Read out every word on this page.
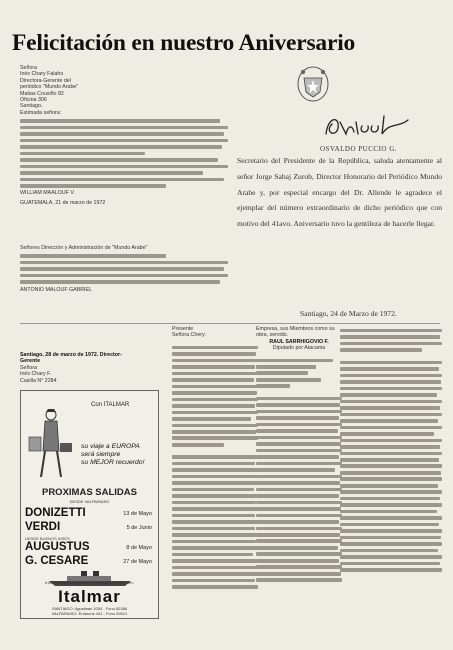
Felicitación en nuestro Aniversario
Señora
Inés Chary Falaho
Directora-Gerente del
periódico "Mundo Arabe"
Matias Cousiño 82
Oficina 306
Santiago.
Estimada señora:
WILLIAM MAALOUF V.
GUATEMALA, 21 de marzo de 1972
Señores Dirección y Administración de "Mundo Arabe"
ANTONIO MALOUF GABRIEL
OSVALDO PUCCIO G.
Secretario del Presidente de la República, saluda atentamente al señor Jorge Sabaj Zurob, Director Honorario del Periódico Mundo Arabe y, por especial encargo del Dr. Allende le agradece el ejemplar del número extraordinario de dicho periódico que con motivo del 41avo. Aniversario tuvo la gentileza de hacerle llegar.
Santiago, 24 de Marzo de 1972.
Santiago, 28 de marzo de 1972. Director-Gerente
Señora
Inés Chary F.
Casilla N° 2284
Con ITALMAR
su viaje a EUROPA
será siempre
su MEJOR recuerdo!
PROXIMAS SALIDAS
DESDE VALPARAISO
DONIZETTI	13 de Mayo
VERDI	5 de Junio
DESDE BUENOS AIRES
AUGUSTUS	8 de Mayo
G. CESARE	27 de Mayo
Italmar
Infórmese en su Agencia de Viajes preferida o en:
SANTIAGO: Agustinas 1054 - Fono 82386
VALPARAISO: Errázuriz 441 - Fono 59021
Presente
Señora Chery:
Empresa, sus Miembros como su obra, servido.
RAUL SARRHIGOVIO F.
Diputado por Atacama
